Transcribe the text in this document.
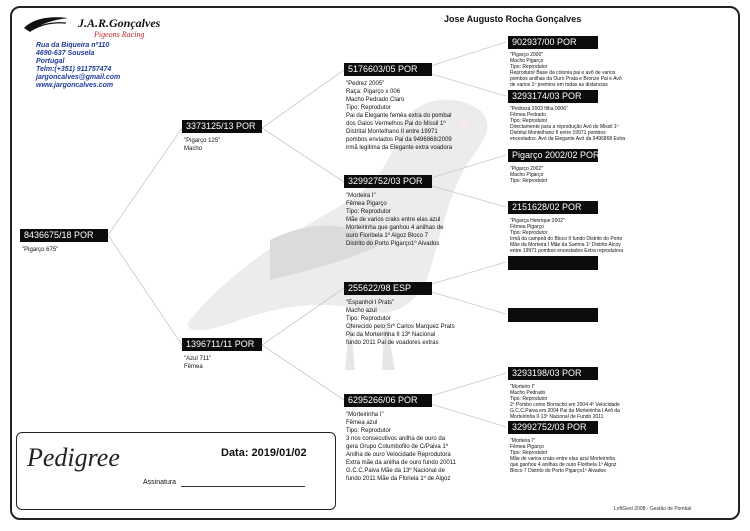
J.A.R.Gonçalves
Pigeons Racing
Rua da Biqueira nº110
4690-637 Sousela
Portugal
Telm:(+351) 911757474
jargoncalves@gmail.com
www.jargoncalves.com
Jose Augusto Rocha Gonçalves
8436675/18 POR
"Pigarço 675"
3373125/13 POR
"Pigarço 125"
Macho
1396711/11 POR
"Azul 711"
Fêmea
5176603/05 POR
"Pedrez 2005"
Raça: Pigarço x 006
Macho Pedrado Claro
Tipo: Reprodutor
Pai da Elegante femêa extra do pombal
dos Galos Vermelhos Pai do Missil 1º
Distrital Montelhano II entre 19971
pombos enviados Pai da 9496868/2009
irmã legitima da Elegante extra voadora
3299275​2/03 POR
"Morteira I"
Fêmea Pigarço
Tipo: Reprodutor
Mãe de varios craks entre elas azul
Morteirinha que ganhou 4 anilhas de
ouro Floribela 1º Algoz Bloco 7
Distrito do Porto Pigarço1º Aivados
255622/98 ESP
"Espanhol I Prats"
Macho azul
Tipo: Reprodutor
Oferecido pelo Srº Carlos Marquez Prats
Pai da Morteirinha II 13º Nacional
fundo 2011 Pai de voadores extras
6295266/06 POR
"Morteirinha I"
Fêmea azul
Tipo: Reprodutor
3 nos consecutivos anilha de ouro da
gera Grupo Columbofilo de C/Paiva 1º
Anilha de ouro Velocidade Reprodutora
Extra mãe da anilha de ouro fundo 20011
G.C.C.Paiva Mãe da 13º Nacional de
fundo 2011 Mãe da Floriela 1º de Algoz
902937/00 POR
"Pigarço 2000"
Macho Pigarço
Tipo: Reprodutor
Reprodutor Base da colonia pai e avô de varios
pombos anilhas da Ouro Prata e Bronze Pai e Avô
de varios 1º premios em todas as distancias
3293174/03 POR
"Pedreza 2003 filha 0006"
Fêmea Pedrado
Tipo: Reprodutor
Directamente para a reprodução Avó do Missil 1º
Distrital Montelhano II entre 19971 pombos
encestados. Avó da Elegante Avó da 9496868 Extra
Pigarço 2002/02 POR
"Pigarço 2002"
Macho Pigarço
Tipo: Reprodutor
2151628/02 POR
"Pigarça Henrique 2002"
Fêmea Pigarço
Tipo: Reprodutor
Irmã da campeã do Bloco II fundo Distrito do Porto
Mãe da Morteira I Mãe da Sarima 1º Distrito Alcoy
entre 19971 pombos encestados Extra reprodutora
3293198/03 POR
"Morteiro I"
Macho Pedrado
Tipo: Reprodutor
2º Pombo como Borracho em 2004 4º Velocidade
G.C.C.Paiva em 2004 Pai da Morteirinha I Avô da
Morteirinha II 13º Nacional de Fundo 2011
32992752/03 POR
"Morteira I"
Fêmea Pigarço
Tipo: Reprodutor
Mãe de varios craks entre elas azul Morteirinha
que ganhou 4 anilhas de ouro Floribela 1º Algoz
Bloco 7 Distrito do Porto Pigarço1º Aivados
Pedigree	Data: 2019/01/02
Assinatura
LoftGest 2008 - Gestão de Pombal
